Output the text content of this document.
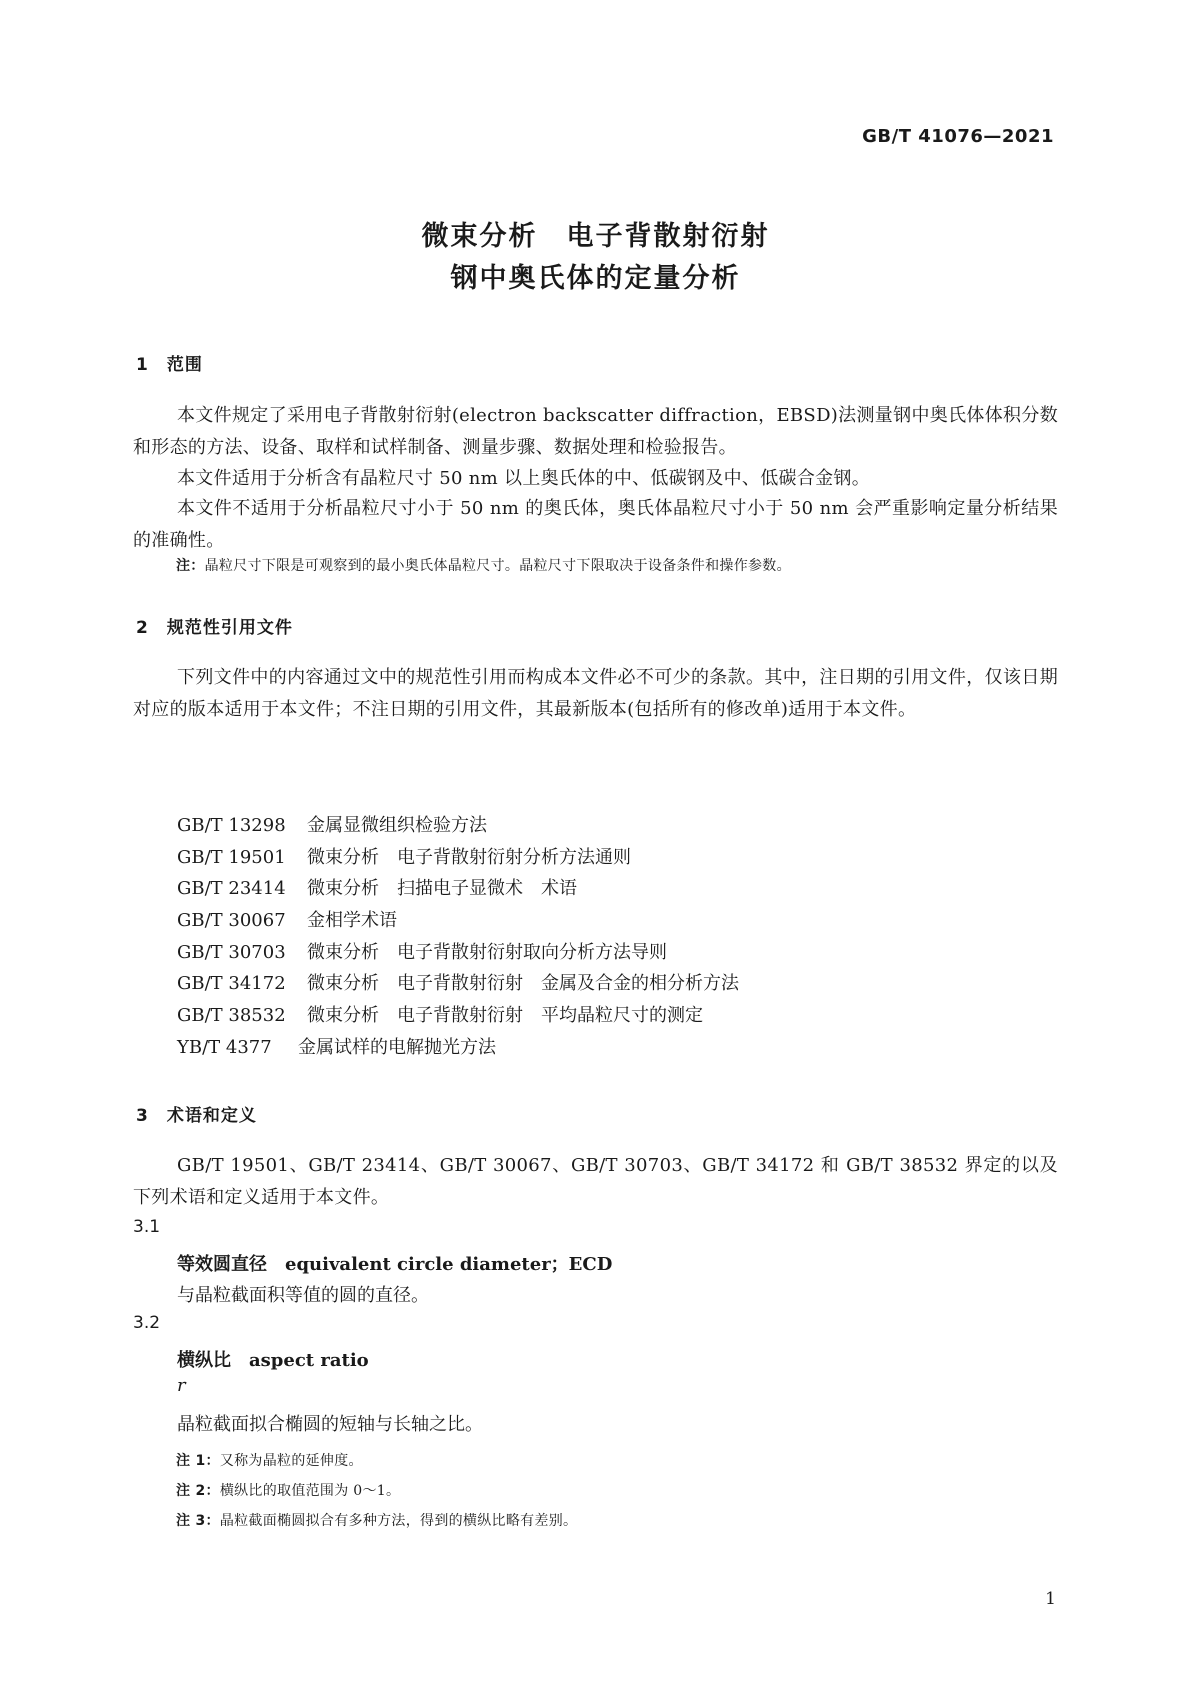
GB/T 41076—2021
微束分析　电子背散射衍射
钢中奥氏体的定量分析
1　范围

本文件规定了采用电子背散射衍射(electron backscatter diffraction，EBSD)法测量钢中奥氏体体积分数和形态的方法、设备、取样和试样制备、测量步骤、数据处理和检验报告。

本文件适用于分析含有晶粒尺寸 50 nm 以上奥氏体的中、低碳钢及中、低碳合金钢。

本文件不适用于分析晶粒尺寸小于 50 nm 的奥氏体，奥氏体晶粒尺寸小于 50 nm 会严重影响定量分析结果的准确性。

注：晶粒尺寸下限是可观察到的最小奥氏体晶粒尺寸。晶粒尺寸下限取决于设备条件和操作参数。
2　规范性引用文件

下列文件中的内容通过文中的规范性引用而构成本文件必不可少的条款。其中，注日期的引用文件，仅该日期对应的版本适用于本文件；不注日期的引用文件，其最新版本(包括所有的修改单)适用于本文件。

GB/T 13298 金属显微组织检验方法
GB/T 19501 微束分析　电子背散射衍射分析方法通则
GB/T 23414 微束分析　扫描电子显微术　术语
GB/T 30067 金相学术语
GB/T 30703 微束分析　电子背散射衍射取向分析方法导则
GB/T 34172 微束分析　电子背散射衍射　金属及合金的相分析方法
GB/T 38532 微束分析　电子背散射衍射　平均晶粒尺寸的测定
YB/T 4377 金属试样的电解抛光方法
3　术语和定义

GB/T 19501、GB/T 23414、GB/T 30067、GB/T 30703、GB/T 34172 和 GB/T 38532 界定的以及下列术语和定义适用于本文件。

3.1
等效圆直径　 equivalent circle diameter；ECD
与晶粒截面积等值的圆的直径。
3.2
横纵比　 aspect ratio
r
晶粒截面拟合椭圆的短轴与长轴之比。
注 1：又称为晶粒的延伸度。
注 2：横纵比的取值范围为 0～1。
注 3：晶粒截面椭圆拟合有多种方法，得到的横纵比略有差别。
1
